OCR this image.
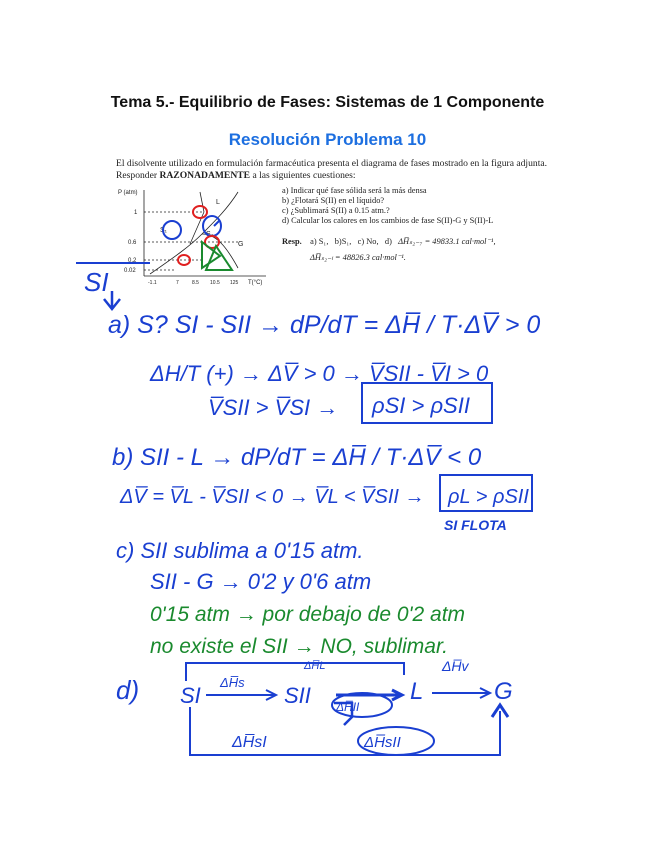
Tema 5.- Equilibrio de Fases: Sistemas de 1 Componente
Resolución Problema 10
El disolvente utilizado en formulación farmacéutica presenta el diagrama de fases mostrado en la figura adjunta. Responder RAZONADAMENTE a las siguientes cuestiones:
a) Indicar qué fase sólida será la más densa
b) ¿Flotará S(II) en el líquido?
c) ¿Sublimará S(II) a 0.15 atm.?
d) Calcular los calores en los cambios de fase S(II)-G y S(II)-L
Resp. a) S₁, b)S₁, c) No, d) ΔH̅ₛ₂₋₇ = 49833.1 cal·mol⁻¹,
ΔH̅ₛ₂₋ₗ = 48826.3 cal·mol⁻¹.
P (atm)
T(°C)
1
0.6
0.2
0.02
-1.1	7	8.5 10.5 125
S₁
S₂
L
G
SI
a) S? SI - SII → dP/dT = ΔH̅ / T·ΔV̅ > 0
ΔH/T (+) → ΔV̅ > 0 → V̅SII - V̅I > 0
V̅SII > V̅SI → ρSI > ρSII
b) SII - L → dP/dT = ΔH̅ / T·ΔV̅ < 0
ΔV̅ = V̅L - V̅SII < 0 → V̅L < V̅SII → ρL > ρSII
SI FLOTA
c) SII sublima a 0'15 atm.
SII - G → 0'2 y 0'6 atm
0'15 atm → por debajo de 0'2 atm
no existe el SII → NO, sublimar.
d) SI	SII	L	G
ΔH̅s
ΔH̅L	ΔH̅v
ΔH̅II
ΔH̅sI	ΔH̅sII
